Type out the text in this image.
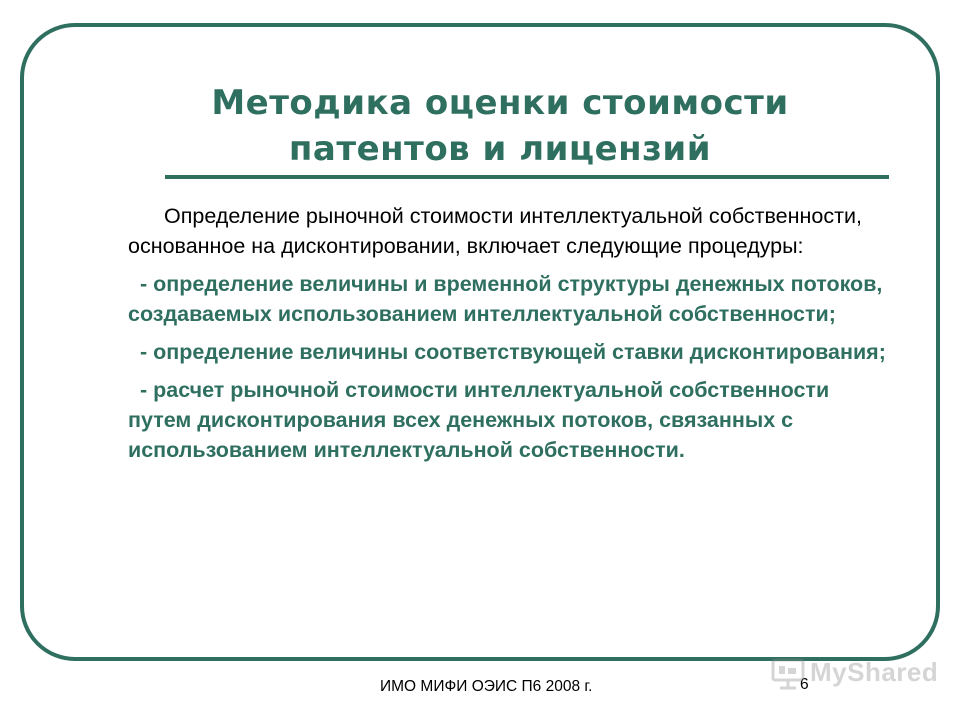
Методика оценки стоимости
патентов и лицензий

Определение рыночной стоимости интеллектуальной собственности, основанное на дисконтировании, включает следующие процедуры:

- определение величины и временной структуры денежных потоков, создаваемых использованием интеллектуальной собственности;

- определение величины соответствующей ставки дисконтирования;

- расчет рыночной стоимости интеллектуальной собственности путем дисконтирования всех денежных потоков, связанных с использованием интеллектуальной собственности.

ИМО МИФИ ОЭИС П6 2008 г.	6 MyShared
